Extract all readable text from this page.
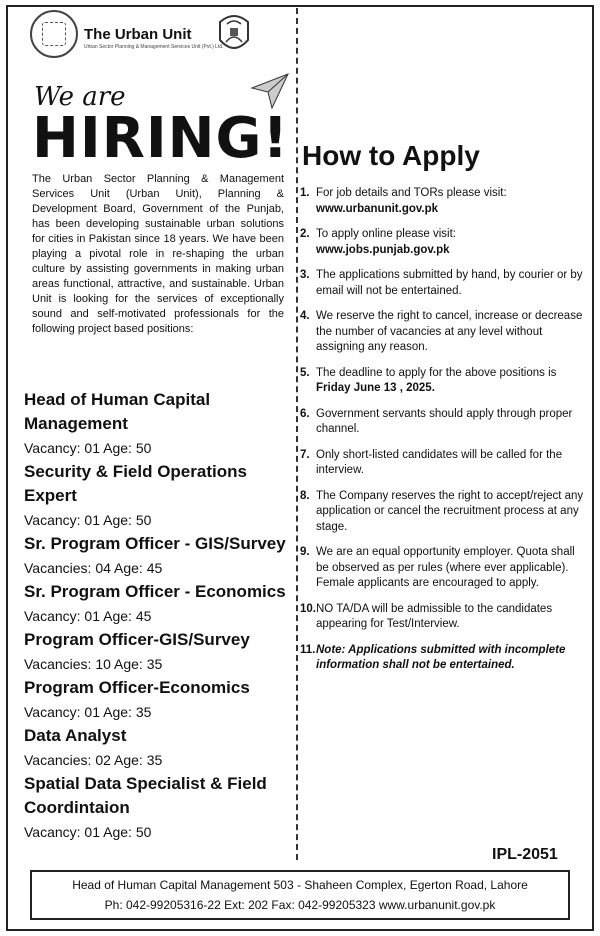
The Urban Unit
Urban Sector Planning & Management Services Unit (Pvt.) Ltd.
We are
HIRING!

The Urban Sector Planning & Management Services Unit (Urban Unit), Planning & Development Board, Government of the Punjab, has been developing sustainable urban solutions for cities in Pakistan since 18 years. We have been playing a pivotal role in re-shaping the urban culture by assisting governments in making urban areas functional, attractive, and sustainable. Urban Unit is looking for the services of exceptionally sound and self-motivated professionals for the following project based positions:

Head of Human Capital Management
Vacancy: 01 Age: 50
Security & Field Operations Expert
Vacancy: 01 Age: 50
Sr. Program Officer - GIS/Survey
Vacancies: 04 Age: 45
Sr. Program Officer - Economics
Vacancy: 01 Age: 45
Program Officer-GIS/Survey
Vacancies: 10 Age: 35
Program Officer-Economics
Vacancy: 01 Age: 35
Data Analyst
Vacancies: 02 Age: 35
Spatial Data Specialist & Field Coordintaion
Vacancy: 01 Age: 50
How to Apply
1. For job details and TORs please visit:
www.urbanunit.gov.pk
2. To apply online please visit:
www.jobs.punjab.gov.pk
3. The applications submitted by hand, by courier or by email will not be entertained.
4. We reserve the right to cancel, increase or decrease the number of vacancies at any level without assigning any reason.
5. The deadline to apply for the above positions is Friday June 13 , 2025.
6. Government servants should apply through proper channel.
7. Only short-listed candidates will be called for the interview.
8. The Company reserves the right to accept/reject any application or cancel the recruitment process at any stage.
9. We are an equal opportunity employer. Quota shall be observed as per rules (where ever applicable). Female applicants are encouraged to apply.
10. NO TA/DA will be admissible to the candidates appearing for Test/Interview.
11. Note: Applications submitted with incomplete information shall not be entertained.
IPL-2051
Head of Human Capital Management 503 - Shaheen Complex, Egerton Road, Lahore
Ph: 042-99205316-22 Ext: 202 Fax: 042-99205323 www.urbanunit.gov.pk
